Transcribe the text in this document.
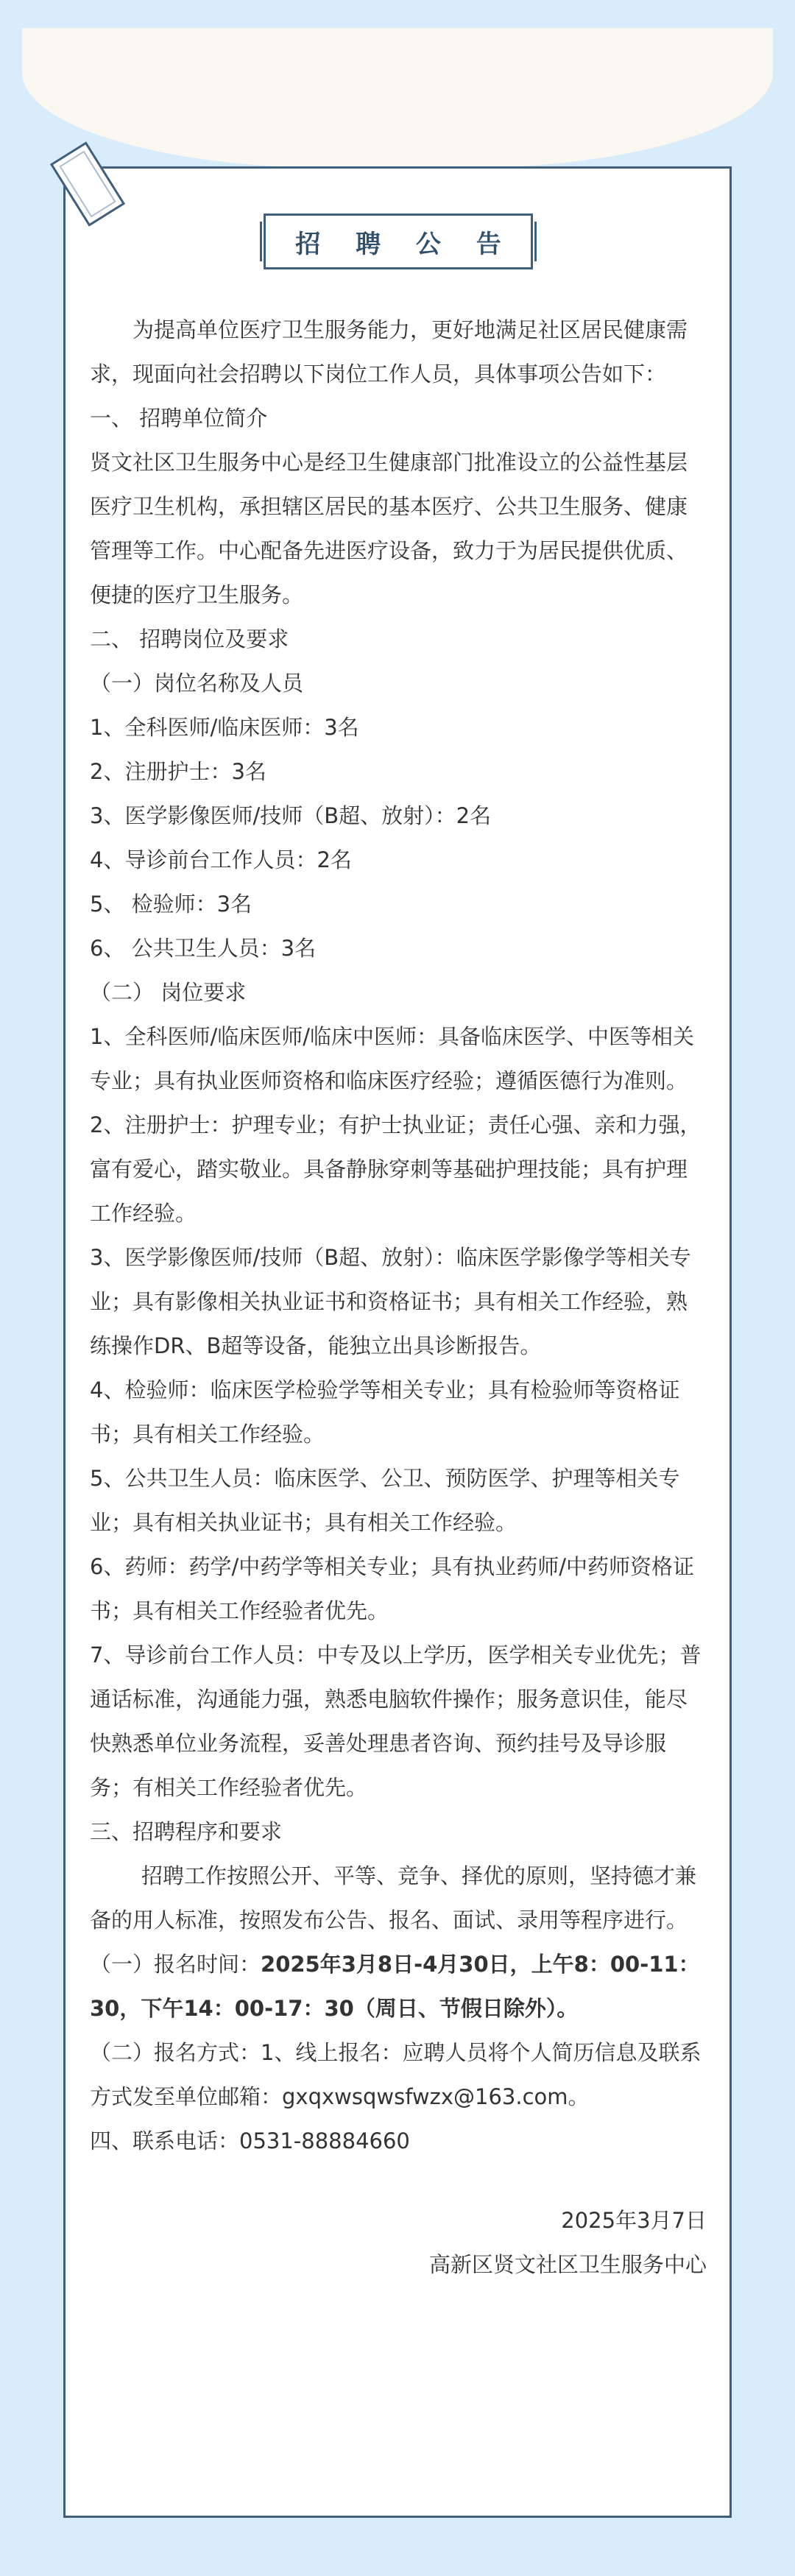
招 聘 公 告

为提高单位医疗卫生服务能力，更好地满足社区居民健康需求，现面向社会招聘以下岗位工作人员，具体事项公告如下：

一、 招聘单位简介

贤文社区卫生服务中心是经卫生健康部门批准设立的公益性基层医疗卫生机构，承担辖区居民的基本医疗、公共卫生服务、健康管理等工作。中心配备先进医疗设备，致力于为居民提供优质、便捷的医疗卫生服务。

二、 招聘岗位及要求

（一）岗位名称及人员

1、全科医师/临床医师：3名

2、注册护士：3名

3、医学影像医师/技师（B超、放射）：2名

4、导诊前台工作人员：2名

5、 检验师：3名

6、 公共卫生人员：3名

（二） 岗位要求

1、全科医师/临床医师/临床中医师：具备临床医学、中医等相关专业；具有执业医师资格和临床医疗经验；遵循医德行为准则。

2、注册护士：护理专业；有护士执业证；责任心强、亲和力强，富有爱心，踏实敬业。具备静脉穿刺等基础护理技能；具有护理工作经验。

3、医学影像医师/技师（B超、放射）：临床医学影像学等相关专业；具有影像相关执业证书和资格证书；具有相关工作经验，熟练操作DR、B超等设备，能独立出具诊断报告。

4、检验师：临床医学检验学等相关专业；具有检验师等资格证书；具有相关工作经验。

5、公共卫生人员：临床医学、公卫、预防医学、护理等相关专业；具有相关执业证书；具有相关工作经验。

6、药师：药学/中药学等相关专业；具有执业药师/中药师资格证书；具有相关工作经验者优先。

7、导诊前台工作人员：中专及以上学历，医学相关专业优先；普通话标准，沟通能力强，熟悉电脑软件操作；服务意识佳，能尽快熟悉单位业务流程，妥善处理患者咨询、预约挂号及导诊服务；有相关工作经验者优先。

三、招聘程序和要求

招聘工作按照公开、平等、竞争、择优的原则，坚持德才兼备的用人标准，按照发布公告、报名、面试、录用等程序进行。

（一）报名时间：2025年3月8日-4月30日，上午8：00-11：30，下午14：00-17：30（周日、节假日除外）。

（二）报名方式：1、线上报名：应聘人员将个人简历信息及联系方式发至单位邮箱：gxqxwsqwsfwzx@163.com。

四、联系电话：0531-88884660

2025年3月7日

高新区贤文社区卫生服务中心
